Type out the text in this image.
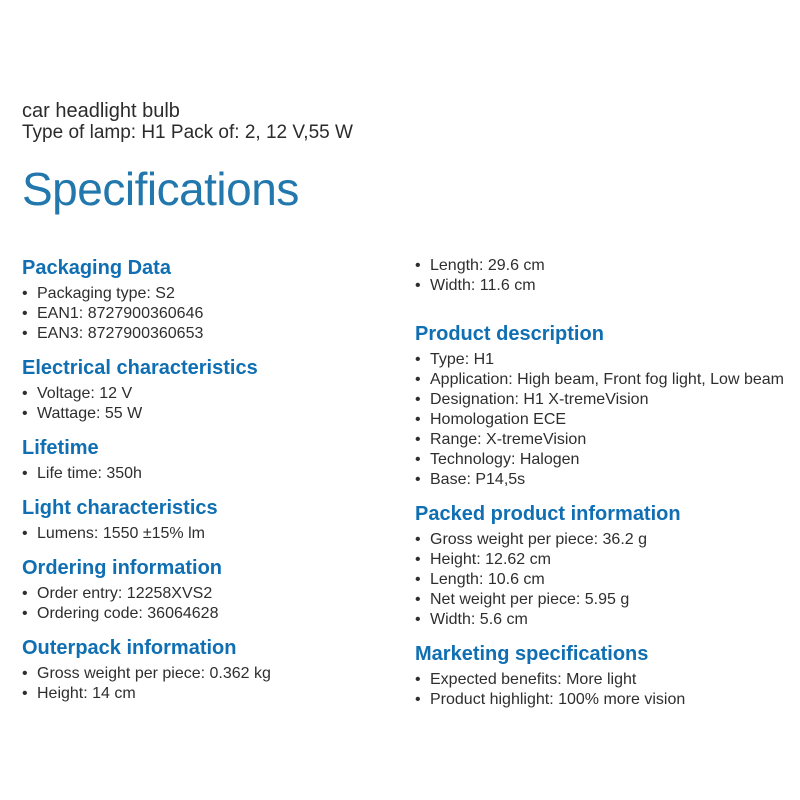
car headlight bulb
Type of lamp: H1 Pack of: 2, 12 V,55 W
Specifications
Packaging Data
• Packaging type: S2
• EAN1: 8727900360646
• EAN3: 8727900360653
Electrical characteristics
• Voltage: 12 V
• Wattage: 55 W
Lifetime
• Life time: 350h
Light characteristics
• Lumens: 1550 ±15% lm
Ordering information
• Order entry: 12258XVS2
• Ordering code: 36064628
Outerpack information
• Gross weight per piece: 0.362 kg
• Height: 14 cm
• Length: 29.6 cm
• Width: 11.6 cm
Product description
• Type: H1
• Application: High beam, Front fog light, Low beam
• Designation: H1 X-tremeVision
• Homologation ECE
• Range: X-tremeVision
• Technology: Halogen
• Base: P14,5s
Packed product information
• Gross weight per piece: 36.2 g
• Height: 12.62 cm
• Length: 10.6 cm
• Net weight per piece: 5.95 g
• Width: 5.6 cm
Marketing specifications
• Expected benefits: More light
• Product highlight: 100% more vision
